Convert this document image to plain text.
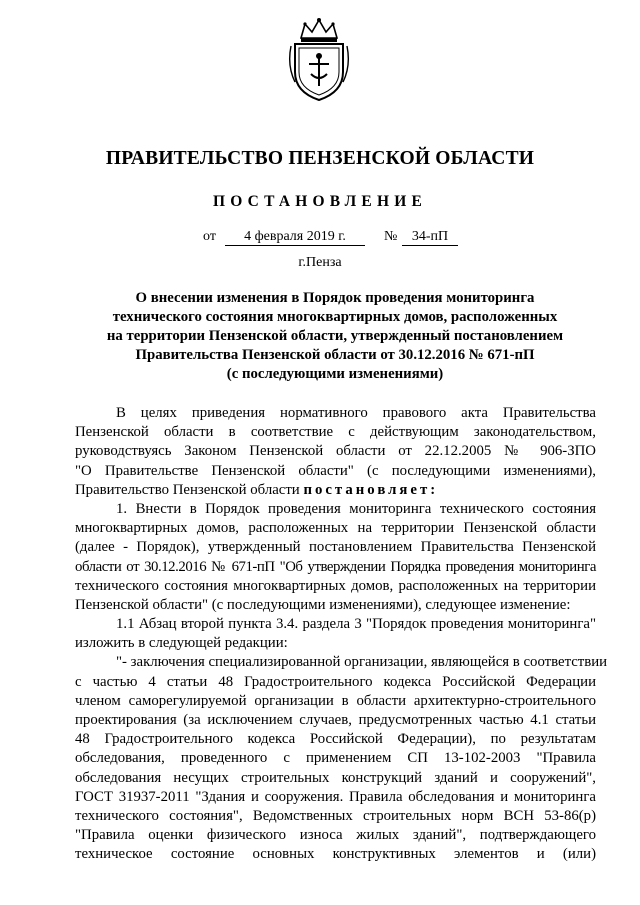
ПРАВИТЕЛЬСТВО ПЕНЗЕНСКОЙ ОБЛАСТИ
ПОСТАНОВЛЕНИЕ
от	4 февраля 2019 г.	№	34-пП
г.Пенза
О внесении изменения в Порядок проведения мониторинга
технического состояния многоквартирных домов, расположенных
на территории Пензенской области, утвержденный постановлением
Правительства Пензенской области от 30.12.2016 № 671-пП
(с последующими изменениями)
В целях приведения нормативного правового акта Правительства
Пензенской области в соответствие с действующим законодательством,
руководствуясь Законом Пензенской области от 22.12.2005 № 906-ЗПО
"О Правительстве Пензенской области" (с последующими изменениями),
Правительство Пензенской области постановляет:
1. Внести в Порядок проведения мониторинга технического состояния
многоквартирных домов, расположенных на территории Пензенской области
(далее - Порядок), утвержденный постановлением Правительства Пензенской
области от 30.12.2016 № 671-пП "Об утверждении Порядка проведения мониторинга
технического состояния многоквартирных домов, расположенных на территории
Пензенской области" (с последующими изменениями), следующее изменение:
1.1 Абзац второй пункта 3.4. раздела 3 "Порядок проведения мониторинга"
изложить в следующей редакции:
"- заключения специализированной организации, являющейся в соответствии
с частью 4 статьи 48 Градостроительного кодекса Российской Федерации
членом саморегулируемой организации в области архитектурно-строительного
проектирования (за исключением случаев, предусмотренных частью 4.1 статьи
48 Градостроительного кодекса Российской Федерации), по результатам
обследования, проведенного с применением СП 13-102-2003 "Правила
обследования несущих строительных конструкций зданий и сооружений",
ГОСТ 31937-2011 "Здания и сооружения. Правила обследования и мониторинга
технического состояния", Ведомственных строительных норм ВСН 53-86(р)
"Правила оценки физического износа жилых зданий", подтверждающего
техническое состояние основных конструктивных элементов и (или)
